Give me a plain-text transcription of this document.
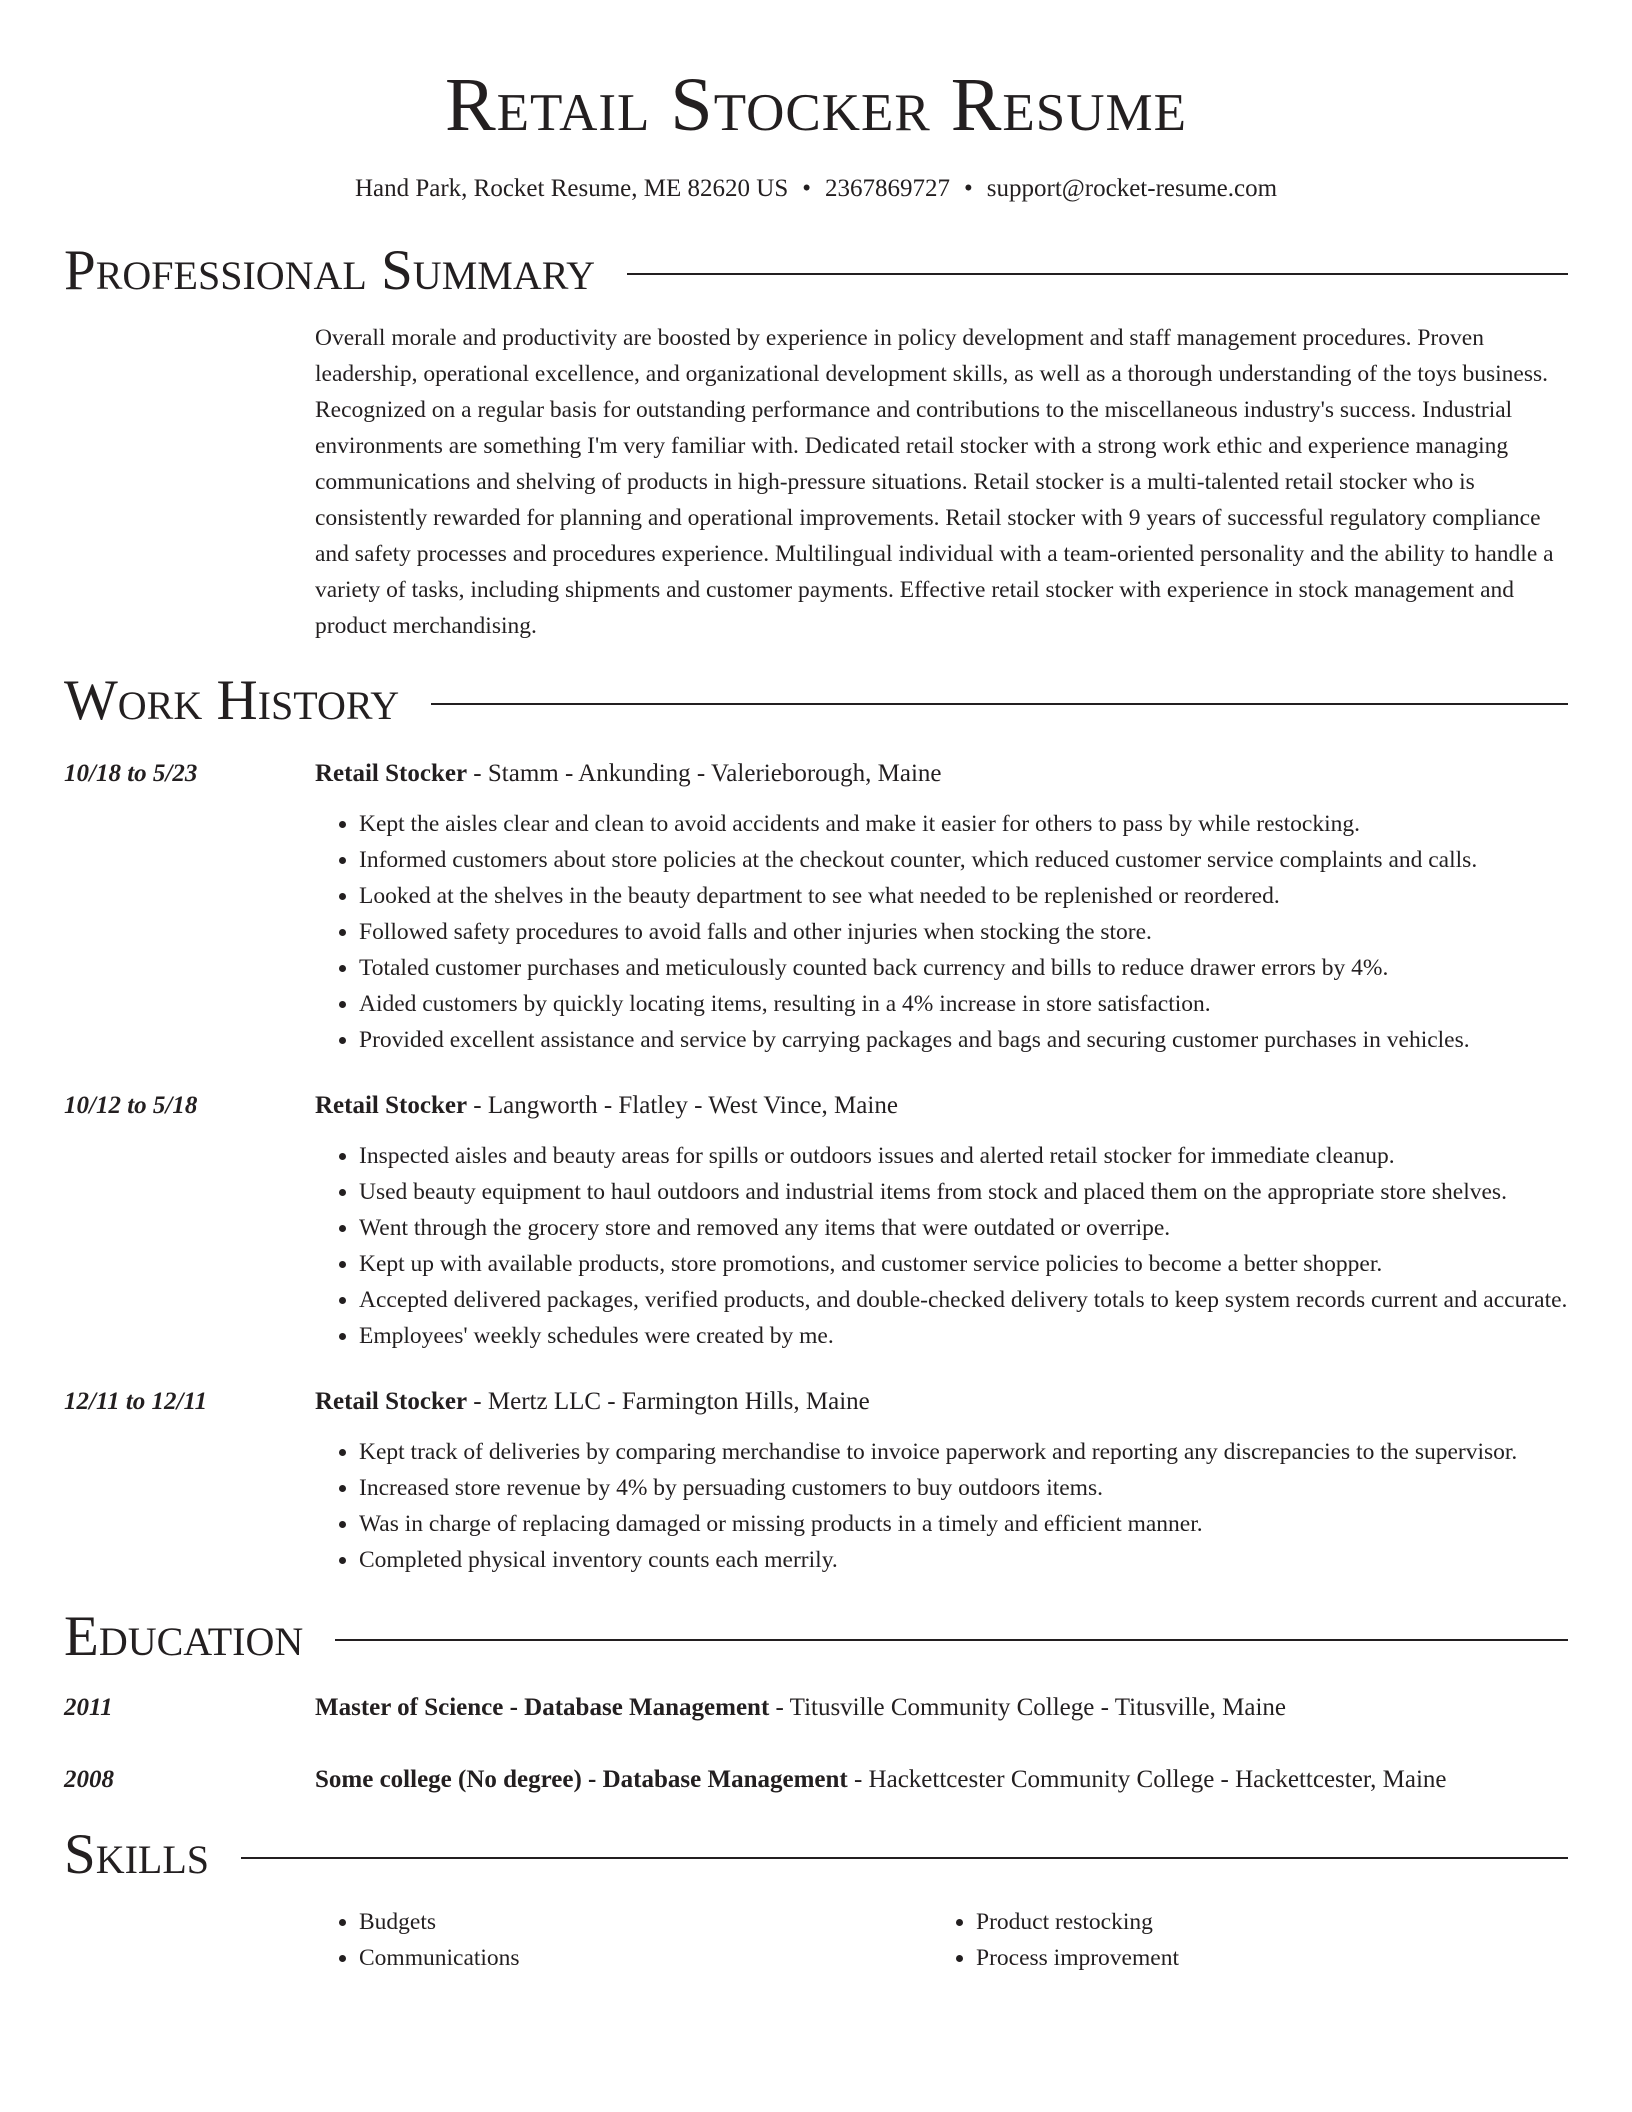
Retail Stocker Resume
Hand Park, Rocket Resume, ME 82620 US • 2367869727 • support@rocket-resume.com
Professional Summary
Overall morale and productivity are boosted by experience in policy development and staff management procedures. Proven leadership, operational excellence, and organizational development skills, as well as a thorough understanding of the toys business. Recognized on a regular basis for outstanding performance and contributions to the miscellaneous industry's success. Industrial environments are something I'm very familiar with. Dedicated retail stocker with a strong work ethic and experience managing communications and shelving of products in high-pressure situations. Retail stocker is a multi-talented retail stocker who is consistently rewarded for planning and operational improvements. Retail stocker with 9 years of successful regulatory compliance and safety processes and procedures experience. Multilingual individual with a team-oriented personality and the ability to handle a variety of tasks, including shipments and customer payments. Effective retail stocker with experience in stock management and product merchandising.
Work History
10/18 to 5/23	Retail Stocker - Stamm - Ankunding - Valerieborough, Maine
• Kept the aisles clear and clean to avoid accidents and make it easier for others to pass by while restocking.
• Informed customers about store policies at the checkout counter, which reduced customer service complaints and calls.
• Looked at the shelves in the beauty department to see what needed to be replenished or reordered.
• Followed safety procedures to avoid falls and other injuries when stocking the store.
• Totaled customer purchases and meticulously counted back currency and bills to reduce drawer errors by 4%.
• Aided customers by quickly locating items, resulting in a 4% increase in store satisfaction.
• Provided excellent assistance and service by carrying packages and bags and securing customer purchases in vehicles.
10/12 to 5/18	Retail Stocker - Langworth - Flatley - West Vince, Maine
• Inspected aisles and beauty areas for spills or outdoors issues and alerted retail stocker for immediate cleanup.
• Used beauty equipment to haul outdoors and industrial items from stock and placed them on the appropriate store shelves.
• Went through the grocery store and removed any items that were outdated or overripe.
• Kept up with available products, store promotions, and customer service policies to become a better shopper.
• Accepted delivered packages, verified products, and double-checked delivery totals to keep system records current and accurate.
• Employees' weekly schedules were created by me.
12/11 to 12/11	Retail Stocker - Mertz LLC - Farmington Hills, Maine
• Kept track of deliveries by comparing merchandise to invoice paperwork and reporting any discrepancies to the supervisor.
• Increased store revenue by 4% by persuading customers to buy outdoors items.
• Was in charge of replacing damaged or missing products in a timely and efficient manner.
• Completed physical inventory counts each merrily.
Education
2011	Master of Science - Database Management - Titusville Community College - Titusville, Maine
2008	Some college (No degree) - Database Management - Hackettcester Community College - Hackettcester, Maine
Skills
• Budgets
• Communications
• Product restocking
• Process improvement
